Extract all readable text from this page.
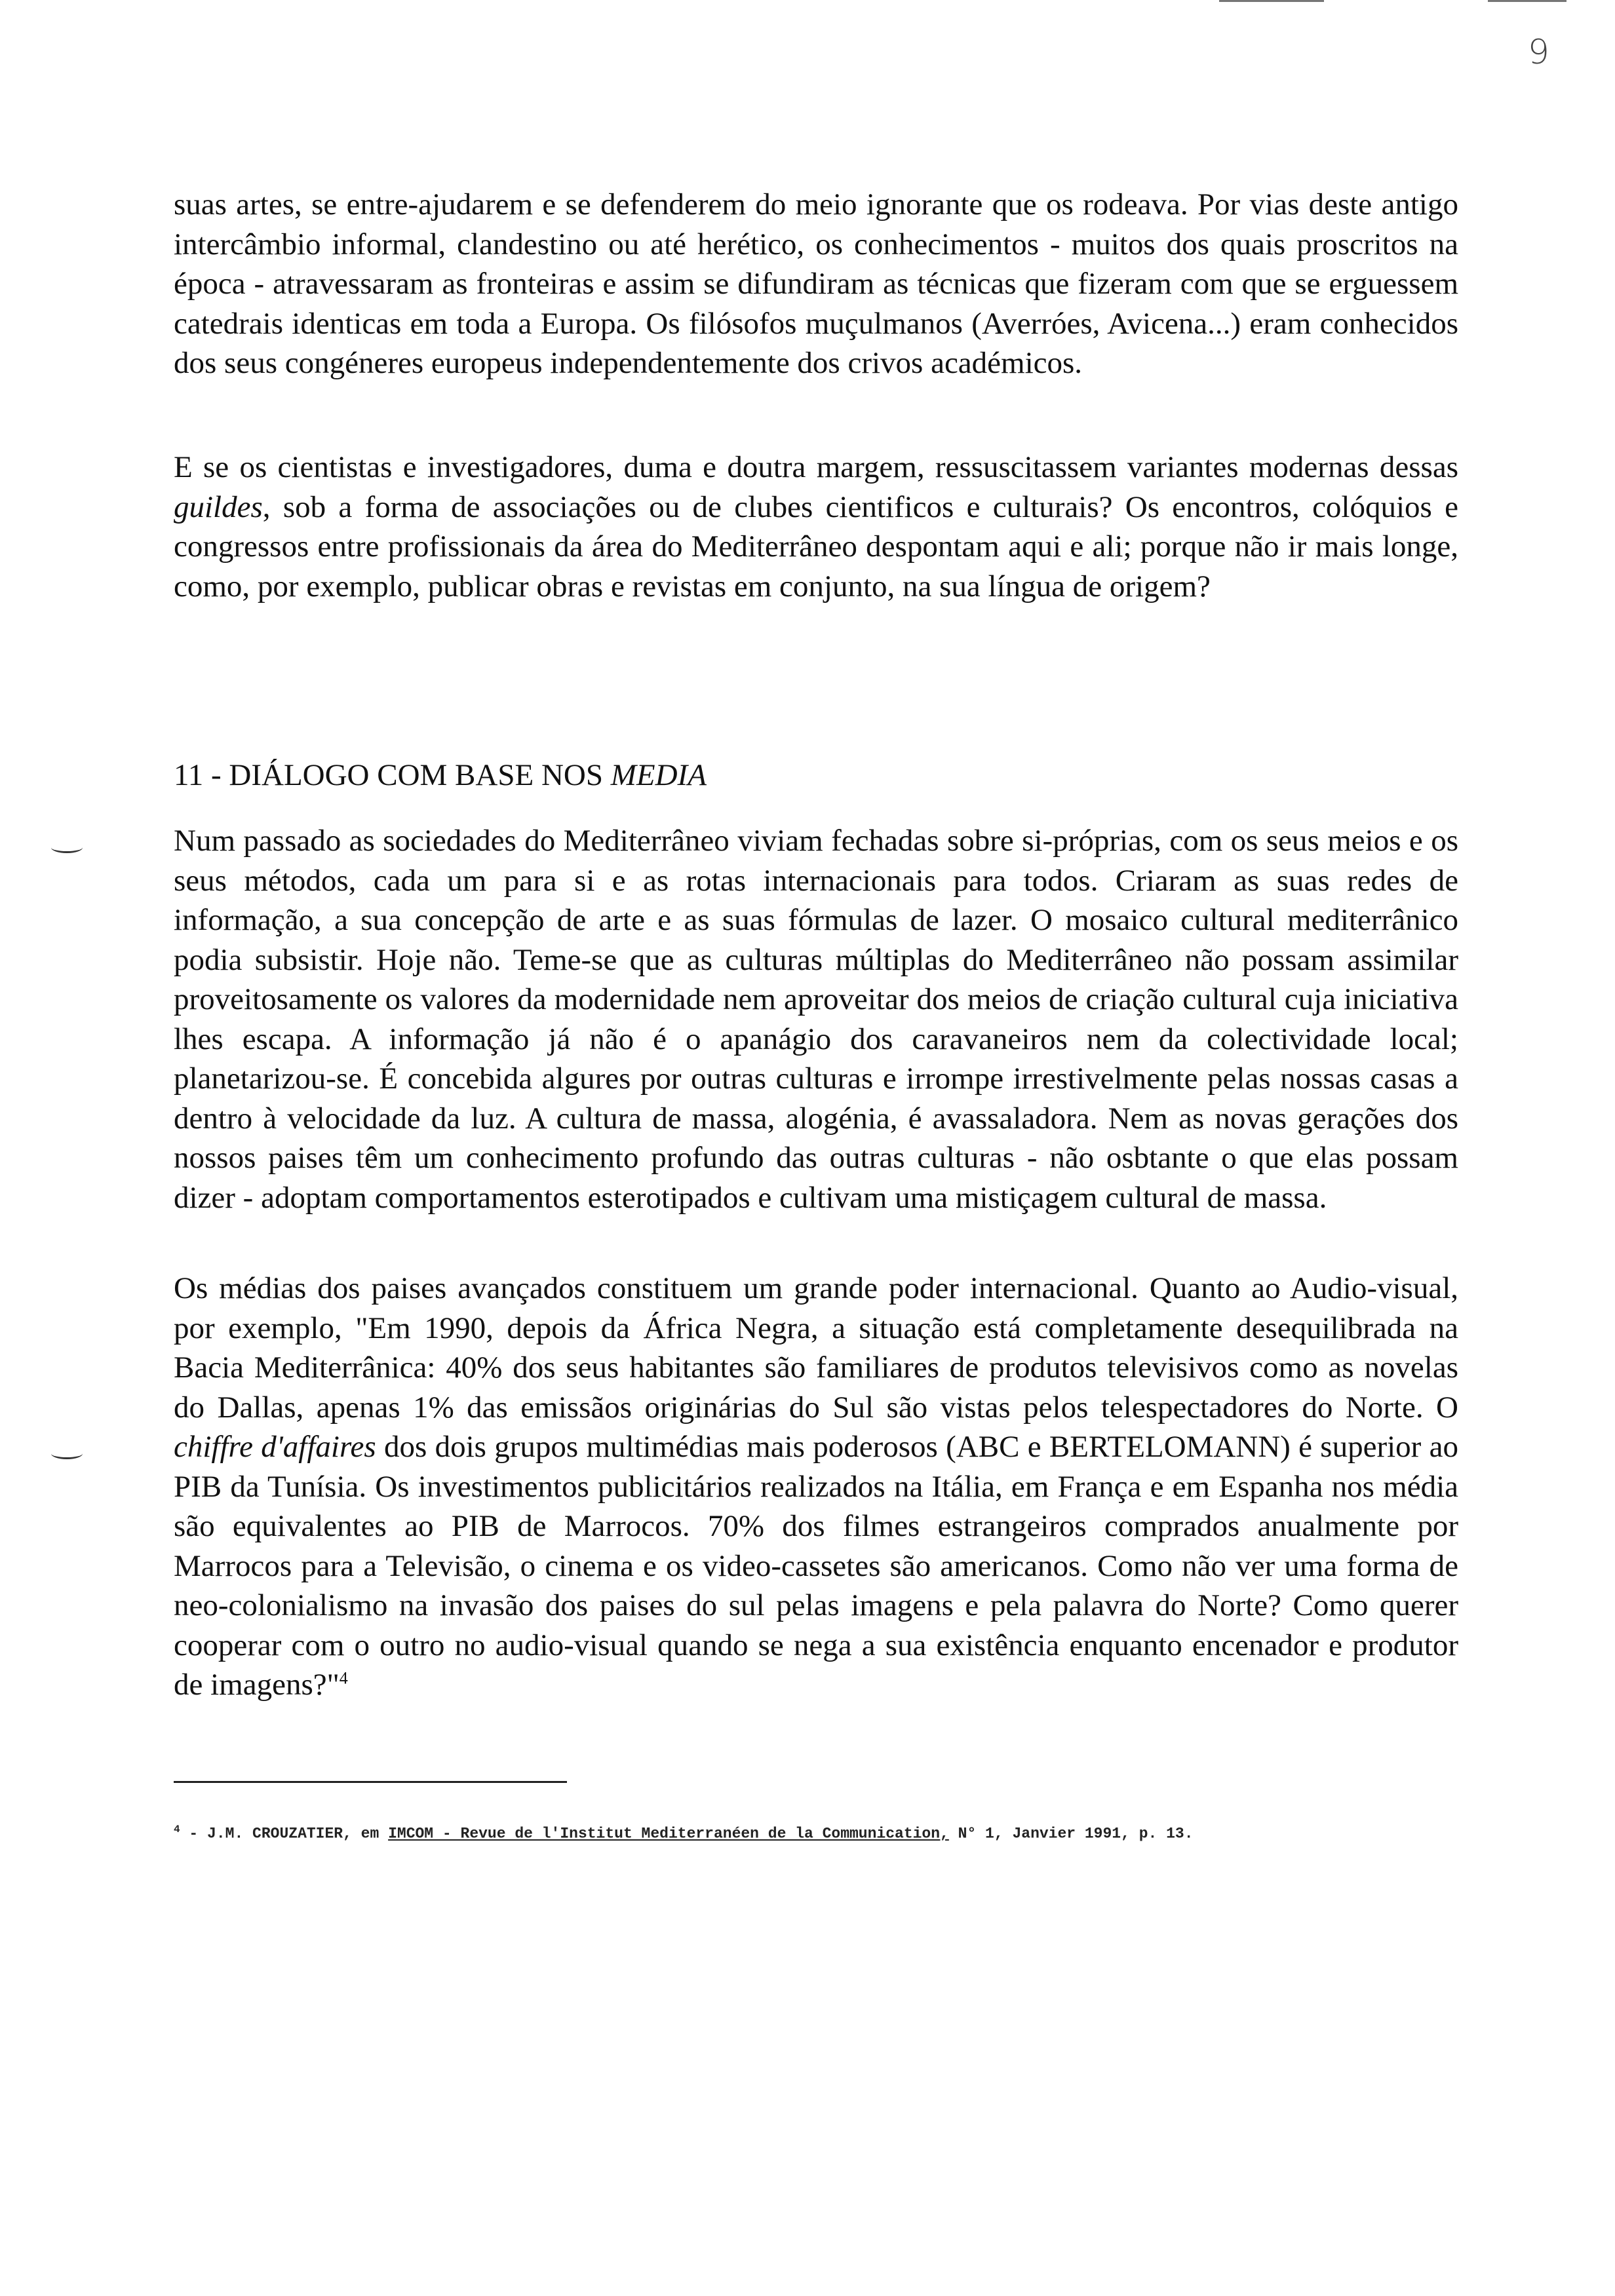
9

suas artes, se entre-ajudarem e se defenderem do meio ignorante que os rodeava. Por vias deste antigo intercâmbio informal, clandestino ou até herético, os conhecimentos - muitos dos quais proscritos na época - atravessaram as fronteiras e assim se difundiram as técnicas que fizeram com que se erguessem catedrais identicas em toda a Europa. Os filósofos muçulmanos (Averróes, Avicena...) eram conhecidos dos seus congéneres europeus independentemente dos crivos académicos.

E se os cientistas e investigadores, duma e doutra margem, ressuscitassem variantes modernas dessas guildes, sob a forma de associações ou de clubes cientificos e culturais? Os encontros, colóquios e congressos entre profissionais da área do Mediterrâneo despontam aqui e ali; porque não ir mais longe, como, por exemplo, publicar obras e revistas em conjunto, na sua língua de origem?

11 - DIÁLOGO COM BASE NOS MEDIA

Num passado as sociedades do Mediterrâneo viviam fechadas sobre si-próprias, com os seus meios e os seus métodos, cada um para si e as rotas internacionais para todos. Criaram as suas redes de informação, a sua concepção de arte e as suas fórmulas de lazer. O mosaico cultural mediterrânico podia subsistir. Hoje não. Teme-se que as culturas múltiplas do Mediterrâneo não possam assimilar proveitosamente os valores da modernidade nem aproveitar dos meios de criação cultural cuja iniciativa lhes escapa. A informação já não é o apanágio dos caravaneiros nem da colectividade local; planetarizou-se. É concebida algures por outras culturas e irrompe irrestivelmente pelas nossas casas a dentro à velocidade da luz. A cultura de massa, alogénia, é avassaladora. Nem as novas gerações dos nossos paises têm um conhecimento profundo das outras culturas - não osbtante o que elas possam dizer - adoptam comportamentos esterotipados e cultivam uma mistiçagem cultural de massa.

Os médias dos paises avançados constituem um grande poder internacional. Quanto ao Audio-visual, por exemplo, "Em 1990, depois da África Negra, a situação está completamente desequilibrada na Bacia Mediterrânica: 40% dos seus habitantes são familiares de produtos televisivos como as novelas do Dallas, apenas 1% das emissãos originárias do Sul são vistas pelos telespectadores do Norte. O chiffre d'affaires dos dois grupos multimédias mais poderosos (ABC e BERTELOMANN) é superior ao PIB da Tunísia. Os investimentos publicitários realizados na Itália, em França e em Espanha nos média são equivalentes ao PIB de Marrocos. 70% dos filmes estrangeiros comprados anualmente por Marrocos para a Televisão, o cinema e os video-cassetes são americanos. Como não ver uma forma de neo-colonialismo na invasão dos paises do sul pelas imagens e pela palavra do Norte? Como querer cooperar com o outro no audio-visual quando se nega a sua existência enquanto encenador e produtor de imagens?"$^4$

$^4$ - J.M. CROUZATIER, em IMCOM - Revue de l'Institut Mediterranéen de la Communication, N° 1, Janvier 1991, p. 13.
